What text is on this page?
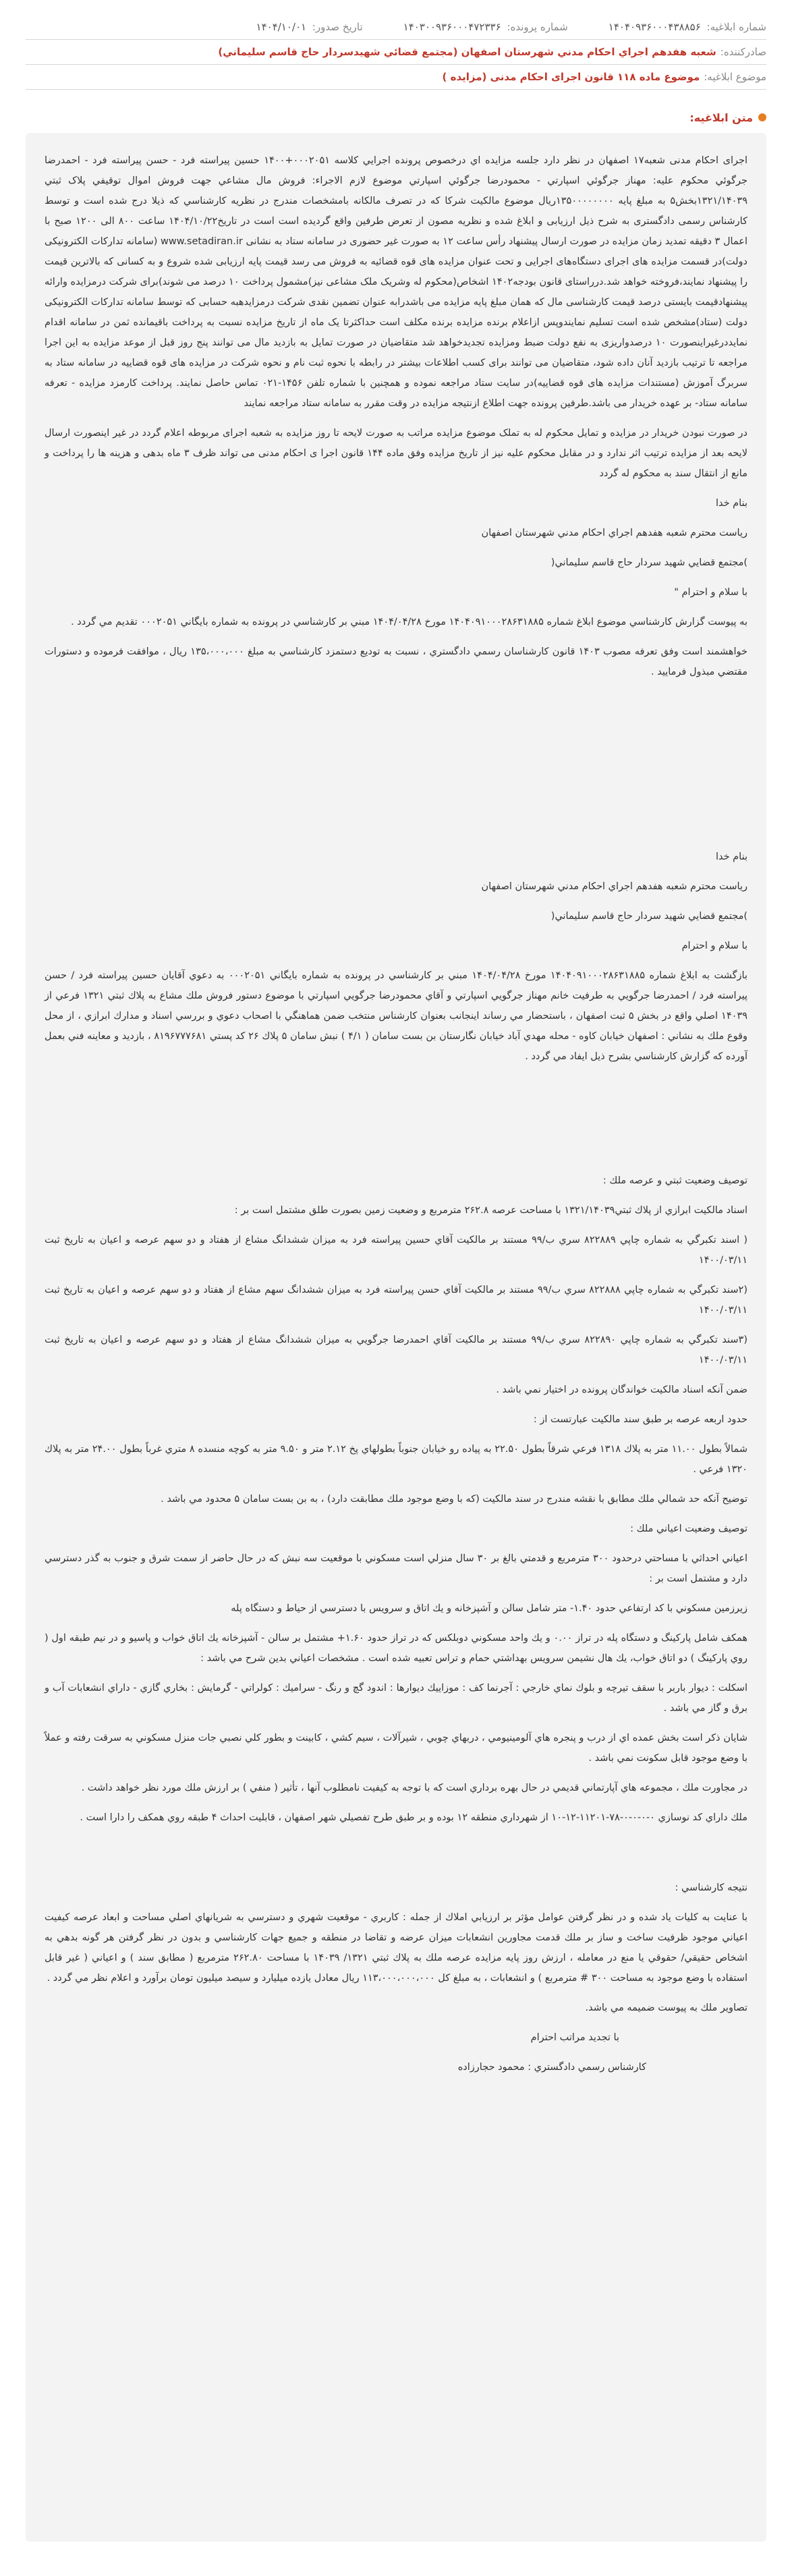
شماره ابلاغیه: ۱۴۰۴۰۹۳۶۰۰۰۴۳۸۸۵۶
شماره پرونده: ۱۴۰۳۰۰۹۳۶۰۰۰۴۷۲۳۳۶
تاریخ صدور: ۱۴۰۴/۱۰/۰۱
صادرکننده:
شعبه هفدهم اجراي احكام مدني شهرستان اصفهان (مجتمع قضائي شهيدسردار حاج قاسم سليماني)
موضوع ابلاغیه:
موضوع ماده ۱۱۸ قانون اجرای احکام مدنی (مزایده )
متن ابلاغیه:

اجرای احکام مدنی شعبه۱۷ اصفهان در نظر دارد جلسه مزايده اي درخصوص پرونده اجرايي كلاسه ۰۰۰۲۰۵۱+۱۴۰۰ حسين پيراسته فرد - حسن پيراسته فرد - احمدرضا جرگوئي محکوم علیه: مهناز جرگوئي اسپارتي - محمودرضا جرگوئي اسپارتي موضوع لازم الاجراء: فروش مال مشاعي جهت فروش اموال توقيفي پلاک ثبتي ۱۳۲۱/۱۴۰۳۹بخش۵ به مبلغ پایه ۱۳۵۰۰۰۰۰۰۰۰ریال موضوع مالکیت شرکا که در تصرف مالکانه بامشخصات مندرج در نظريه کارشناسي که ذيلا درج شده است و توسط کارشناس رسمی دادگستری به شرح ذیل ارزیابی و ابلاغ شده و نظريه مصون از تعرض طرفين واقع گرديده است است در تاريخ۱۴۰۴/۱۰/۲۲ ساعت ۸۰۰ الی ۱۲۰۰ صبح با اعمال ۳ دقیقه تمدید زمان مزایده در صورت ارسال پیشنهاد رأس ساعت ۱۲ به صورت غیر حضوری در سامانه ستاد به نشانی www.setadiran.ir (سامانه تدارکات الکترونیکی دولت)در قسمت مزایده های اجرای دستگاه‌های اجرایی و تحت عنوان مزایده های قوه قضائیه به فروش می رسد قیمت پایه ارزیابی شده شروع و به کسانی که بالاترین قیمت را پیشنهاد نمایند،فروخته خواهد شد.درراستای قانون بودجه۱۴۰۲ اشخاص(محکوم له وشریک ملک مشاعی نیز)مشمول پرداخت ۱۰ درصد می شوند)برای شرکت درمزایده وارائه پیشنهادقیمت بایستی درصد قیمت کارشناسی مال که همان مبلغ پایه مزایده می باشدرابه عنوان تضمین نقدی شرکت درمزایدهبه حسابی که توسط سامانه تدارکات الکترونیکی دولت (ستاد)مشخص شده است تسلیم نمایندوپس ازاعلام برنده مزایده برنده مکلف است حداکثرتا یک ماه از تاریخ مزایده نسبت به پرداخت باقیمانده ثمن در سامانه اقدام نمایددرغیراینصورت ۱۰ درصدواریزی به نفع دولت ضبط ومزایده تجدیدخواهد شد متقاضیان در صورت تمایل به بازدید مال می توانند پنج روز قبل از موعد مزایده به این اجرا مراجعه تا ترتیب بازدید آنان داده شود، متقاضیان می توانند برای کسب اطلاعات بیشتر در رابطه با نحوه ثبت نام و نحوه شرکت در مزایده های قوه قضاییه در سامانه ستاد به سربرگ آموزش (مستندات مزایده های قوه قضاییه)در سایت ستاد مراجعه نموده و همچنین با شماره تلفن ۱۴۵۶-۰۲۱ تماس حاصل نمایند. پرداخت کارمزد مزایده - تعرفه سامانه ستاد- بر عهده خریدار می باشد.طرفین پرونده جهت اطلاع ازنتیجه مزایده در وقت مقرر به سامانه ستاد مراجعه نمایند

در صورت نبودن خریدار در مزایده و تمایل محکوم له به تملک موضوع مزایده مراتب به صورت لایحه تا روز مزايده به شعبه اجرای مربوطه اعلام گردد در غیر اینصورت ارسال لایحه بعد از مزایده ترتیب اثر ندارد و در مقابل محکوم علیه نیز از تاریخ مزایده وفق ماده ۱۴۴ قانون اجرا ی احکام مدنی می تواند ظرف ۳ ماه بدهی و هزینه ها را پرداخت و مانع از انتقال سند به محکوم له گردد

بنام خدا

رياست محترم شعبه هفدهم اجراي احكام مدني شهرستان اصفهان

)مجتمع قضايي شهيد سردار حاج قاسم سليماني(

با سلام و احترام "

به پيوست گزارش كارشناسي موضوع ابلاغ شماره ۱۴۰۴۰۹۱۰۰۰۲۸۶۳۱۸۸۵ مورخ ۱۴۰۴/۰۴/۲۸ مبني بر كارشناسي در پرونده به شماره بايگاني ۰۰۰۲۰۵۱ تقديم مي گردد .

خواهشمند است وفق تعرفه مصوب ۱۴۰۳ قانون كارشناسان رسمي دادگستري ، نسبت به توديع دستمزد كارشناسي به مبلغ ۱۳۵،۰۰۰،۰۰۰ ريال ، موافقت فرموده و دستورات مقتضي مبذول فرماييد .

بنام خدا

رياست محترم شعبه هفدهم اجراي احكام مدني شهرستان اصفهان

)مجتمع قضايي شهيد سردار حاج قاسم سليماني(

با سلام و احترام

بازگشت به ابلاغ شماره ۱۴۰۴۰۹۱۰۰۰۲۸۶۳۱۸۸۵ مورخ ۱۴۰۴/۰۴/۲۸ مبني بر كارشناسي در پرونده به شماره بايگاني ۰۰۰۲۰۵۱ به دعوي آقايان حسين پيراسته فرد / حسن پيراسته فرد / احمدرضا جرگويي به طرفيت خانم مهناز جرگويي اسپارتي و آقاي محمودرضا جرگويي اسپارتي با موضوع دستور فروش ملك مشاع به پلاك ثبتي ۱۳۲۱ فرعي از ۱۴۰۳۹ اصلي واقع در بخش ۵ ثبت اصفهان ، باستحضار مي رساند اينجانب بعنوان كارشناس منتخب ضمن هماهنگي با اصحاب دعوي و بررسي اسناد و مدارك ابرازي ، از محل وقوع ملك به نشاني : اصفهان خيابان كاوه - محله مهدي آباد خيابان نگارستان بن بست سامان ( ۴/۱ ) نبش سامان ۵ پلاك ۲۶ كد پستي ۸۱۹۶۷۷۷۶۸۱ ، بازديد و معاينه فني بعمل آورده كه گزارش كارشناسي بشرح ذيل ايفاد مي گردد .

توصيف وضعيت ثبتي و عرصه ملك :

اسناد مالكيت ابرازي از پلاك ثبتي۱۳۲۱/۱۴۰۳۹ با مساحت عرصه ۲۶۲.۸ مترمربع و وضعيت زمين بصورت طلق مشتمل است بر :

( اسند تكبرگي به شماره چاپي ۸۲۲۸۸۹ سري ب/۹۹ مستند بر مالكيت آقاي حسين پيراسته فرد به ميزان ششدانگ مشاع از هفتاد و دو سهم عرصه و اعيان به تاريخ ثبت ۱۴۰۰/۰۳/۱۱

(۲سند تكبرگي به شماره چاپي ۸۲۲۸۸۸ سري ب/۹۹ مستند بر مالكيت آقاي حسن پيراسته فرد به ميزان ششدانگ سهم مشاع از هفتاد و دو سهم عرصه و اعيان به تاريخ ثبت ۱۴۰۰/۰۳/۱۱

(۳سند تكبرگي به شماره چاپي ۸۲۲۸۹۰ سري ب/۹۹ مستند بر مالكيت آقاي احمدرضا جرگويي به ميزان ششدانگ مشاع از هفتاد و دو سهم عرصه و اعيان به تاريخ ثبت ۱۴۰۰/۰۳/۱۱

ضمن آنكه اسناد مالكيت خواندگان پرونده در اختيار نمي باشد .

حدود اربعه عرصه بر طبق سند مالكيت عبارتست از :

شمالاً بطول ۱۱.۰۰ متر به پلاك ۱۳۱۸ فرعي شرقاً بطول ۲۲.۵۰ به پياده رو خيابان جنوباً بطولهاي پخ ۲.۱۲ متر و ۹.۵۰ متر به كوچه منسده ۸ متري غرباً بطول ۲۴.۰۰ متر به پلاك ۱۳۲۰ فرعي .

توضيح آنكه حد شمالي ملك مطابق با نقشه مندرج در سند مالكيت (كه با وضع موجود ملك مطابقت دارد) ، به بن بست سامان ۵ محدود مي باشد .

توصيف وضعيت اعياني ملك :

اعياني احداثي با مساحتي درحدود ۳۰۰ مترمربع و قدمتي بالغ بر ۳۰ سال منزلي است مسكوني با موقعيت سه نبش كه در حال حاضر از سمت شرق و جنوب به گذر دسترسي دارد و مشتمل است بر :

زيرزمين مسكوني با كد ارتفاعي حدود ۱.۴۰- متر شامل سالن و آشپزخانه و يك اتاق و سرويس با دسترسي از حياط و دستگاه پله

همكف شامل پاركينگ و دستگاه پله در تراز ۰.۰۰ و يك واحد مسكوني دوبلكس كه در تراز حدود ۱.۶۰+ مشتمل بر سالن - آشپزخانه يك اتاق خواب و پاسيو و در نيم طبقه اول ( روي پاركينگ ) دو اتاق خواب، يك هال نشيمن سرويس بهداشتي حمام و تراس تعبيه شده است . مشخصات اعياني بدين شرح مي باشد :

اسكلت : ديوار باربر با سقف تيرچه و بلوك نماي خارجي : آجرنما كف : موزاييك ديوارها : اندود گچ و رنگ - سراميك : كولراتي - گرمايش : بخاري گازي - داراي انشعابات آب و برق و گاز مي باشد .

شايان ذكر است بخش عمده اي از درب و پنجره هاي آلومينيومي ، دربهاي چوبي ، شيرآلات ، سيم كشي ، كابينت و بطور كلي نصبي جات منزل مسكوني به سرقت رفته و عملاً با وضع موجود قابل سكونت نمي باشد .

در مجاورت ملك ، مجموعه هاي آپارتماني قديمي در حال بهره برداري است كه با توجه به كيفيت نامطلوب آنها ، تأثير ( منفي ) بر ارزش ملك مورد نظر خواهد داشت .

ملك داراي كد نوسازي ۰-۰-۰-۰-۷۸-۱۱۲۰۱-۱۲-۱۰ از شهرداري منطقه ۱۲ بوده و بر طبق طرح تفصيلي شهر اصفهان ، قابليت احداث ۴ طبقه روي همكف را دارا است .

نتيجه كارشناسي :

با عنايت به كليات ياد شده و در نظر گرفتن عوامل مؤثر بر ارزيابي املاك از جمله : كاربري - موقعيت شهري و دسترسي به شريانهاي اصلي مساحت و ابعاد عرصه كيفيت اعياني موجود ظرفيت ساخت و ساز بر ملك قدمت مجاورين انشعابات ميزان عرضه و تقاضا در منطقه و جميع جهات كارشناسي و بدون در نظر گرفتن هر گونه بدهي به اشخاص حقيقي/ حقوقي يا منع در معامله ، ارزش روز پايه مزايده عرصه ملك به پلاك ثبتي ۱۳۲۱/ ۱۴۰۳۹ با مساحت ۲۶۲.۸۰ مترمربع ( مطابق سند ) و اعياني ( غير قابل استفاده با وضع موجود به مساحت ۳۰۰ # مترمربع ) و انشعابات ، به مبلغ كل ۱۱۳،۰۰۰،۰۰۰،۰۰۰ ريال معادل يازده ميليارد و سيصد ميليون تومان برآورد و اعلام نظر مي گردد .

تصاوير ملك به پيوست ضميمه مي باشد.

با تجديد مراتب احترام

كارشناس رسمي دادگستري : محمود حجارزاده
